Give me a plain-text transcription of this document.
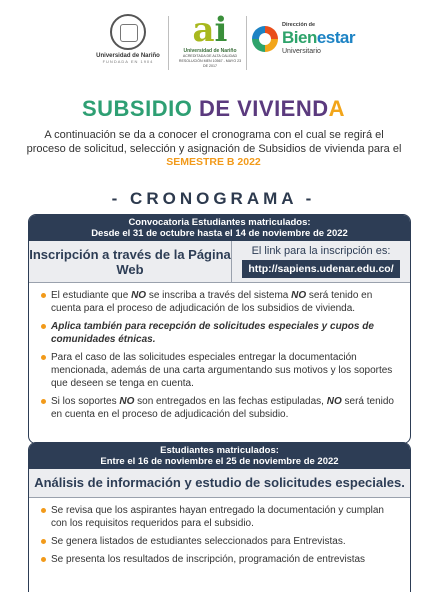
Universidad de Nariño
FUNDADA EN 1904
ai
Universidad de Nariño
ACREDITADA DE ALTA CALIDAD
RESOLUCIÓN MEN 10567 - MAYO 23 DE 2017
Dirección de
Bienestar
Universitario
SUBSIDIO DE VIVIENDA
A continuación se da a conocer el cronograma con el cual se regirá el proceso de solicitud, selección y asignación de Subsidios de vivienda para el
SEMESTRE B 2022
- CRONOGRAMA -
Convocatoria Estudiantes matriculados:
Desde el 31 de octubre hasta el 14 de noviembre de 2022
Inscripción a través de la Página Web
El link para la inscripción es:
http://sapiens.udenar.edu.co/
El estudiante que NO se inscriba a través del sistema NO será tenido en cuenta para el proceso de adjudicación de los subsidios de vivienda.
Aplica también para recepción de solicitudes especiales y cupos de comunidades étnicas.
Para el caso de las solicitudes especiales entregar la documentación mencionada, además de una carta argumentando sus motivos y los soportes que deseen se tenga en cuenta.
Si los soportes NO son entregados en las fechas estipuladas, NO será tenido en cuenta en el proceso de adjudicación del subsidio.
Estudiantes matriculados:
Entre el 16 de noviembre el 25 de noviembre de 2022
Análisis de información y estudio de solicitudes especiales.
Se revisa que los aspirantes hayan entregado la documentación y cumplan con los requisitos requeridos para el subsidio.
Se genera listados de estudiantes seleccionados para Entrevistas.
Se presenta los resultados de inscripción, programación de entrevistas
